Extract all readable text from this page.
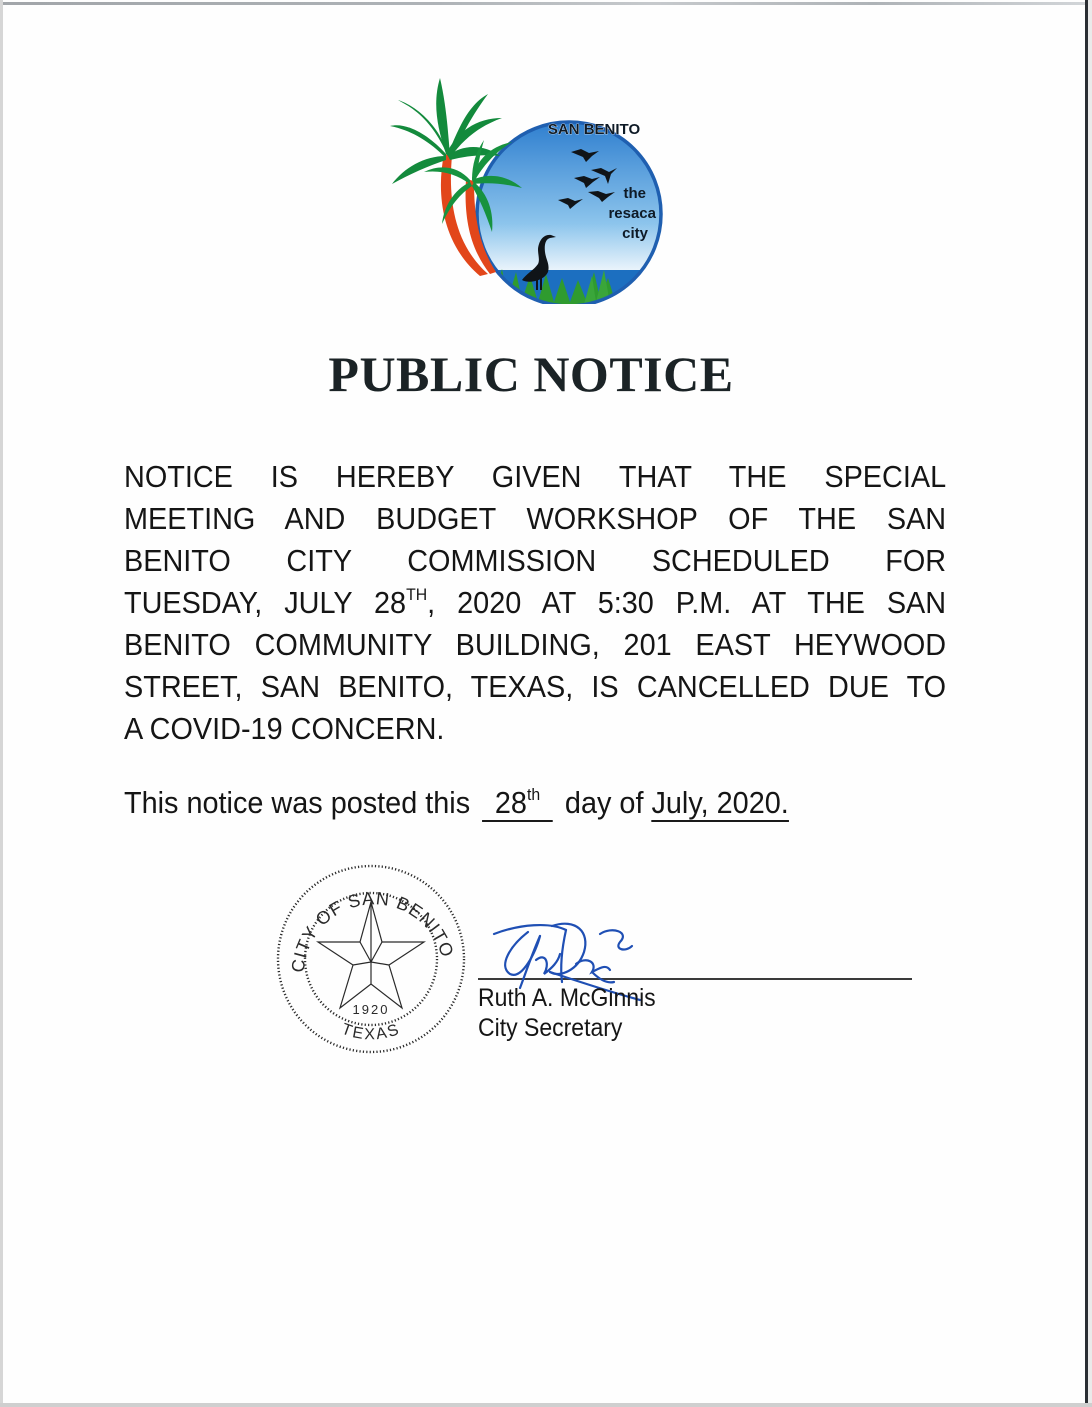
SAN BENITO
the
resaca
city
PUBLIC NOTICE
NOTICE IS HEREBY GIVEN THAT THE SPECIAL
MEETING AND BUDGET WORKSHOP OF THE SAN
BENITO CITY COMMISSION SCHEDULED FOR
TUESDAY, JULY 28TH, 2020 AT 5:30 P.M. AT THE SAN
BENITO COMMUNITY BUILDING, 201 EAST HEYWOOD
STREET, SAN BENITO, TEXAS, IS CANCELLED DUE TO
A COVID-19 CONCERN.
This notice was posted this 28th day of July, 2020.
CITY OF SAN BENITO
1920
TEXAS
Ruth A. McGinnis
City Secretary
